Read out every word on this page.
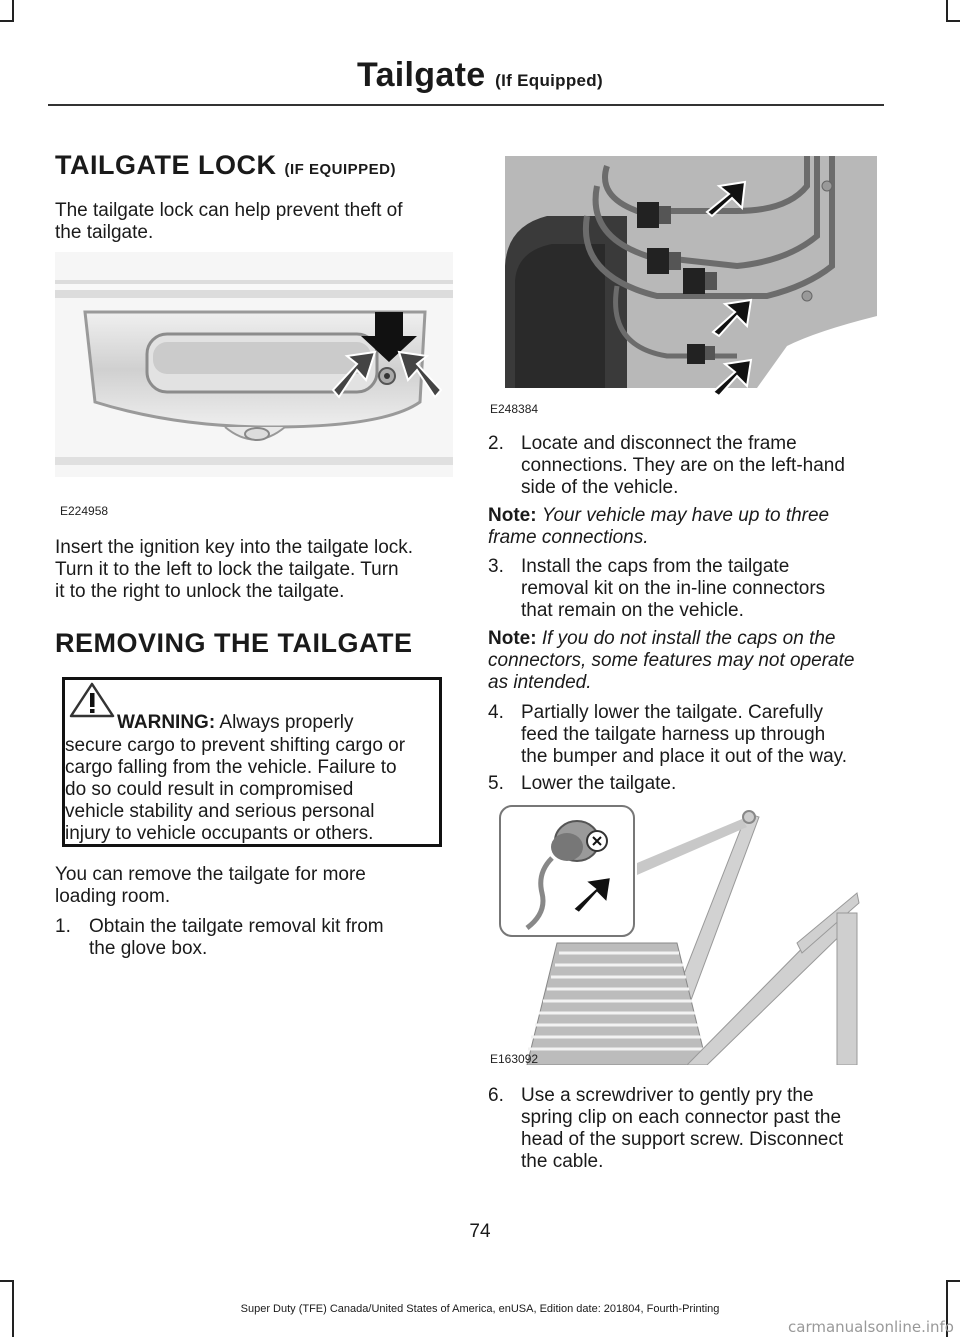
Tailgate (If Equipped)
TAILGATE LOCK (IF EQUIPPED)
The tailgate lock can help prevent theft of
the tailgate.
E224958
Insert the ignition key into the tailgate lock.
Turn it to the left to lock the tailgate. Turn
it to the right to unlock the tailgate.
REMOVING THE TAILGATE
WARNING: Always properly
secure cargo to prevent shifting cargo or
cargo falling from the vehicle. Failure to
do so could result in compromised
vehicle stability and serious personal
injury to vehicle occupants or others.
You can remove the tailgate for more
loading room.
1. Obtain the tailgate removal kit from
the glove box.
E248384
2. Locate and disconnect the frame
connections. They are on the left-hand
side of the vehicle.
Note: Your vehicle may have up to three
frame connections.
3. Install the caps from the tailgate
removal kit on the in-line connectors
that remain on the vehicle.
Note: If you do not install the caps on the
connectors, some features may not operate
as intended.
4. Partially lower the tailgate. Carefully
feed the tailgate harness up through
the bumper and place it out of the way.
5. Lower the tailgate.
E163092
6. Use a screwdriver to gently pry the
spring clip on each connector past the
head of the support screw. Disconnect
the cable.
74
Super Duty (TFE) Canada/United States of America, enUSA, Edition date: 201804, Fourth-Printing
carmanualsonline.info
